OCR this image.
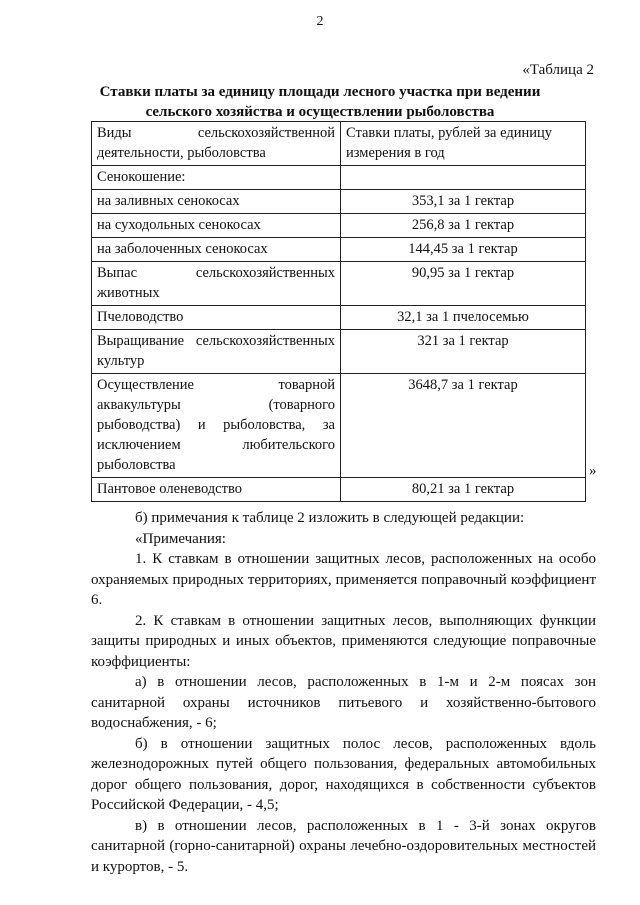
2
«Таблица 2
Ставки платы за единицу площади лесного участка при ведении
сельского хозяйства и осуществлении рыболовства
Виды сельскохозяйственной деятельности, рыболовства	Ставки платы, рублей за единицу измерения в год
Сенокошение:	
на заливных сенокосах	353,1 за 1 гектар
на суходольных сенокосах	256,8 за 1 гектар
на заболоченных сенокосах	144,45 за 1 гектар
Выпас сельскохозяйственных животных	90,95 за 1 гектар
Пчеловодство	32,1 за 1 пчелосемью
Выращивание сельскохозяйственных культур	321 за 1 гектар
Осуществление товарной аквакультуры (товарного рыбоводства) и рыболовства, за исключением любительского рыболовства	3648,7 за 1 гектар
Пантовое оленеводство	80,21 за 1 гектар
»

б) примечания к таблице 2 изложить в следующей редакции:

«Примечания:

1. К ставкам в отношении защитных лесов, расположенных на особо охраняемых природных территориях, применяется поправочный коэффициент 6.

2. К ставкам в отношении защитных лесов, выполняющих функции защиты природных и иных объектов, применяются следующие поправочные коэффициенты:

а) в отношении лесов, расположенных в 1-м и 2-м поясах зон санитарной охраны источников питьевого и хозяйственно-бытового водоснабжения, - 6;

б) в отношении защитных полос лесов, расположенных вдоль железнодорожных путей общего пользования, федеральных автомобильных дорог общего пользования, дорог, находящихся в собственности субъектов Российской Федерации, - 4,5;

в) в отношении лесов, расположенных в 1 - 3-й зонах округов санитарной (горно-санитарной) охраны лечебно-оздоровительных местностей и курортов, - 5.
